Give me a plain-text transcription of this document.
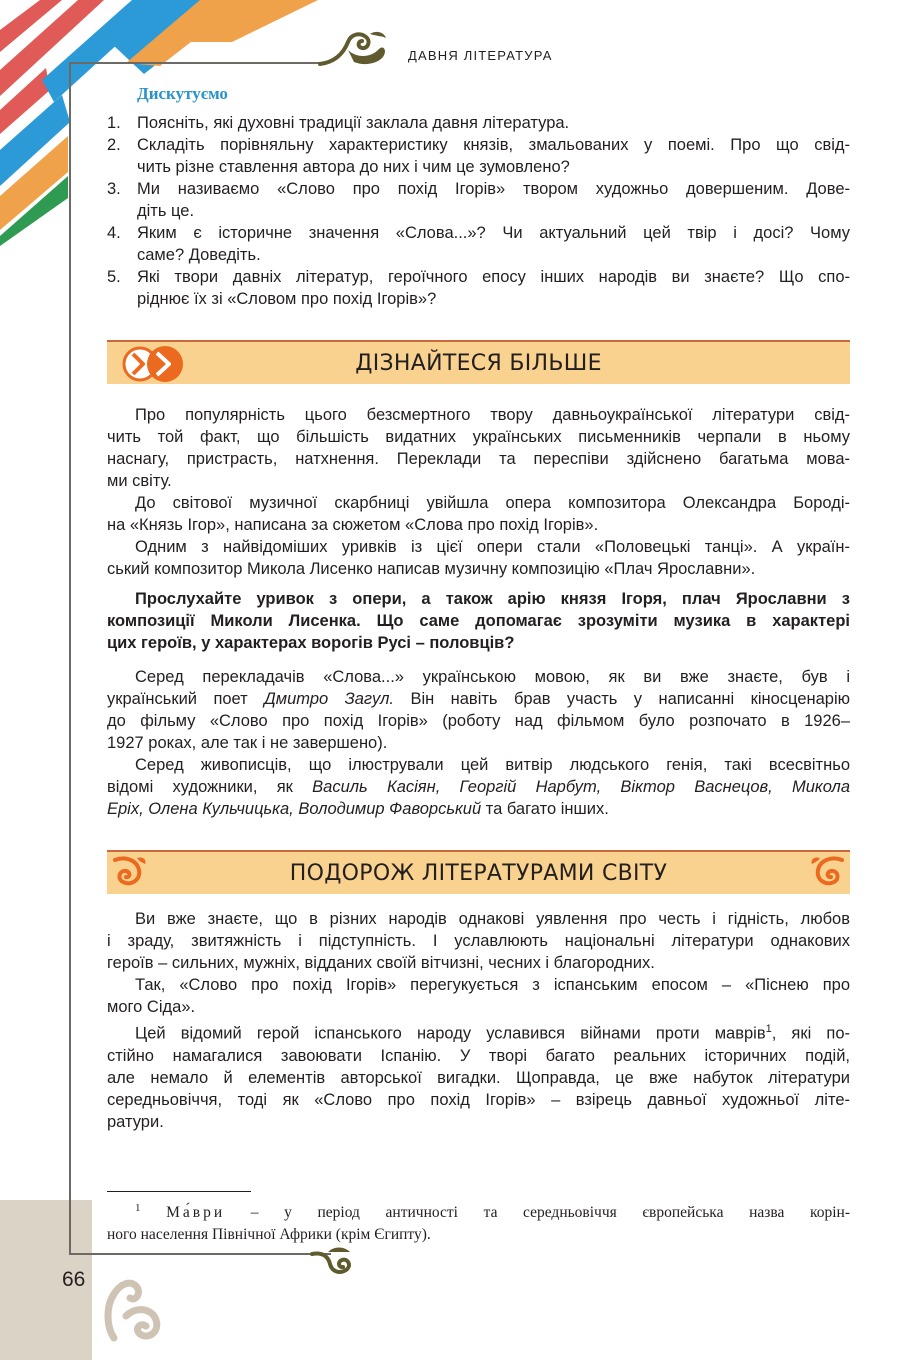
ДАВНЯ ЛІТЕРАТУРА
Дискутуємо
1. Поясніть, які духовні традиції заклала давня література.
2. Складіть порівняльну характеристику князів, змальованих у поемі. Про що свід-
чить різне ставлення автора до них і чим це зумовлено?
3. Ми називаємо «Слово про похід Ігорів» твором художньо довершеним. Дове-
діть це.
4. Яким є історичне значення «Слова...»? Чи актуальний цей твір і досі? Чому
саме? Доведіть.
5. Які твори давніх літератур, героїчного епосу інших народів ви знаєте? Що спо-
ріднює їх зі «Словом про похід Ігорів»?
ДІЗНАЙТЕСЯ БІЛЬШЕ
Про популярність цього безсмертного твору давньоукраїнської літератури свід-
чить той факт, що більшість видатних українських письменників черпали в ньому
наснагу, пристрасть, натхнення. Переклади та переспіви здійснено багатьма мова-
ми світу.
До світової музичної скарбниці увійшла опера композитора Олександра Бороді-
на «Князь Ігор», написана за сюжетом «Слова про похід Ігорів».
Одним з найвідоміших уривків із цієї опери стали «Половецькі танці». А україн-
ський композитор Микола Лисенко написав музичну композицію «Плач Ярославни».
Прослухайте уривок з опери, а також арію князя Ігоря, плач Ярославни з
композиції Миколи Лисенка. Що саме допомагає зрозуміти музика в характері
цих героїв, у характерах ворогів Русі – половців?
Серед перекладачів «Слова...» українською мовою, як ви вже знаєте, був і
український поет Дмитро Загул. Він навіть брав участь у написанні кіносценарію
до фільму «Слово про похід Ігорів» (роботу над фільмом було розпочато в 1926–
1927 роках, але так і не завершено).
Серед живописців, що ілюстрували цей витвір людського генія, такі всесвітньо
відомі художники, як Василь Касіян, Георгій Нарбут, Віктор Васнецов, Микола
Еріх, Олена Кульчицька, Володимир Фаворський та багато інших.
ПОДОРОЖ ЛІТЕРАТУРАМИ СВІТУ
Ви вже знаєте, що в різних народів однакові уявлення про честь і гідність, любов
і зраду, звитяжність і підступність. І уславлюють національні літератури однакових
героїв – сильних, мужніх, відданих своїй вітчизні, чесних і благородних.
Так, «Слово про похід Ігорів» перегукується з іспанським епосом – «Піснею про
мого Сіда».
Цей відомий герой іспанського народу уславився війнами проти маврів$^1$, які по-
стійно намагалися завоювати Іспанію. У творі багато реальних історичних подій,
але немало й елементів авторської вигадки. Щоправда, це вже набуток літератури
середньовіччя, тоді як «Слово про похід Ігорів» – взірець давньої художньої літе-
ратури.
$^1$ Ма́ври – у період античності та середньовіччя європейська назва корін-
ного населення Північної Африки (крім Єгипту).
66
